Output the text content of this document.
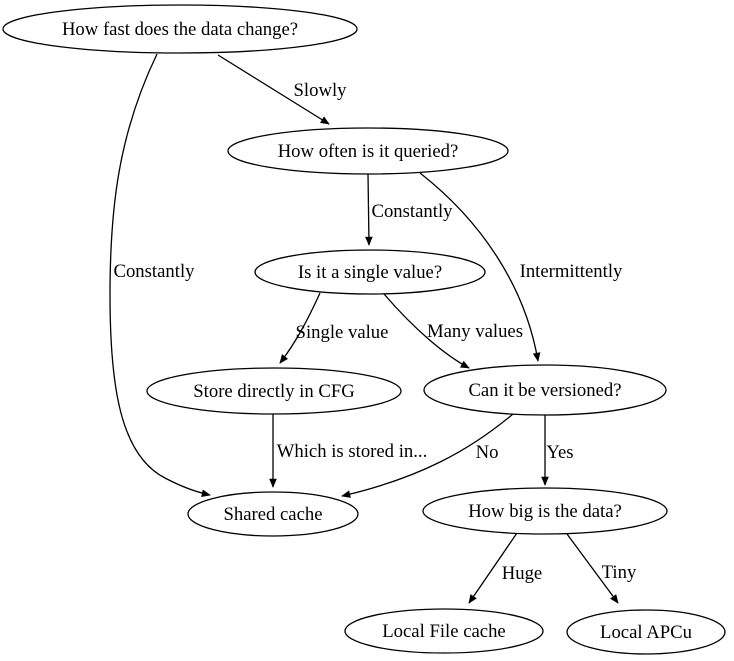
How fast does the data change?
How often is it queried?
Is it a single value?
Store directly in CFG	Can it be versioned?
Shared cache	How big is the data?
Local File cache	Local APCu
Slowly
Constantly
Constantly	Intermittently
Single value Many values
Which is stored in...	No	Yes
Huge	Tiny
